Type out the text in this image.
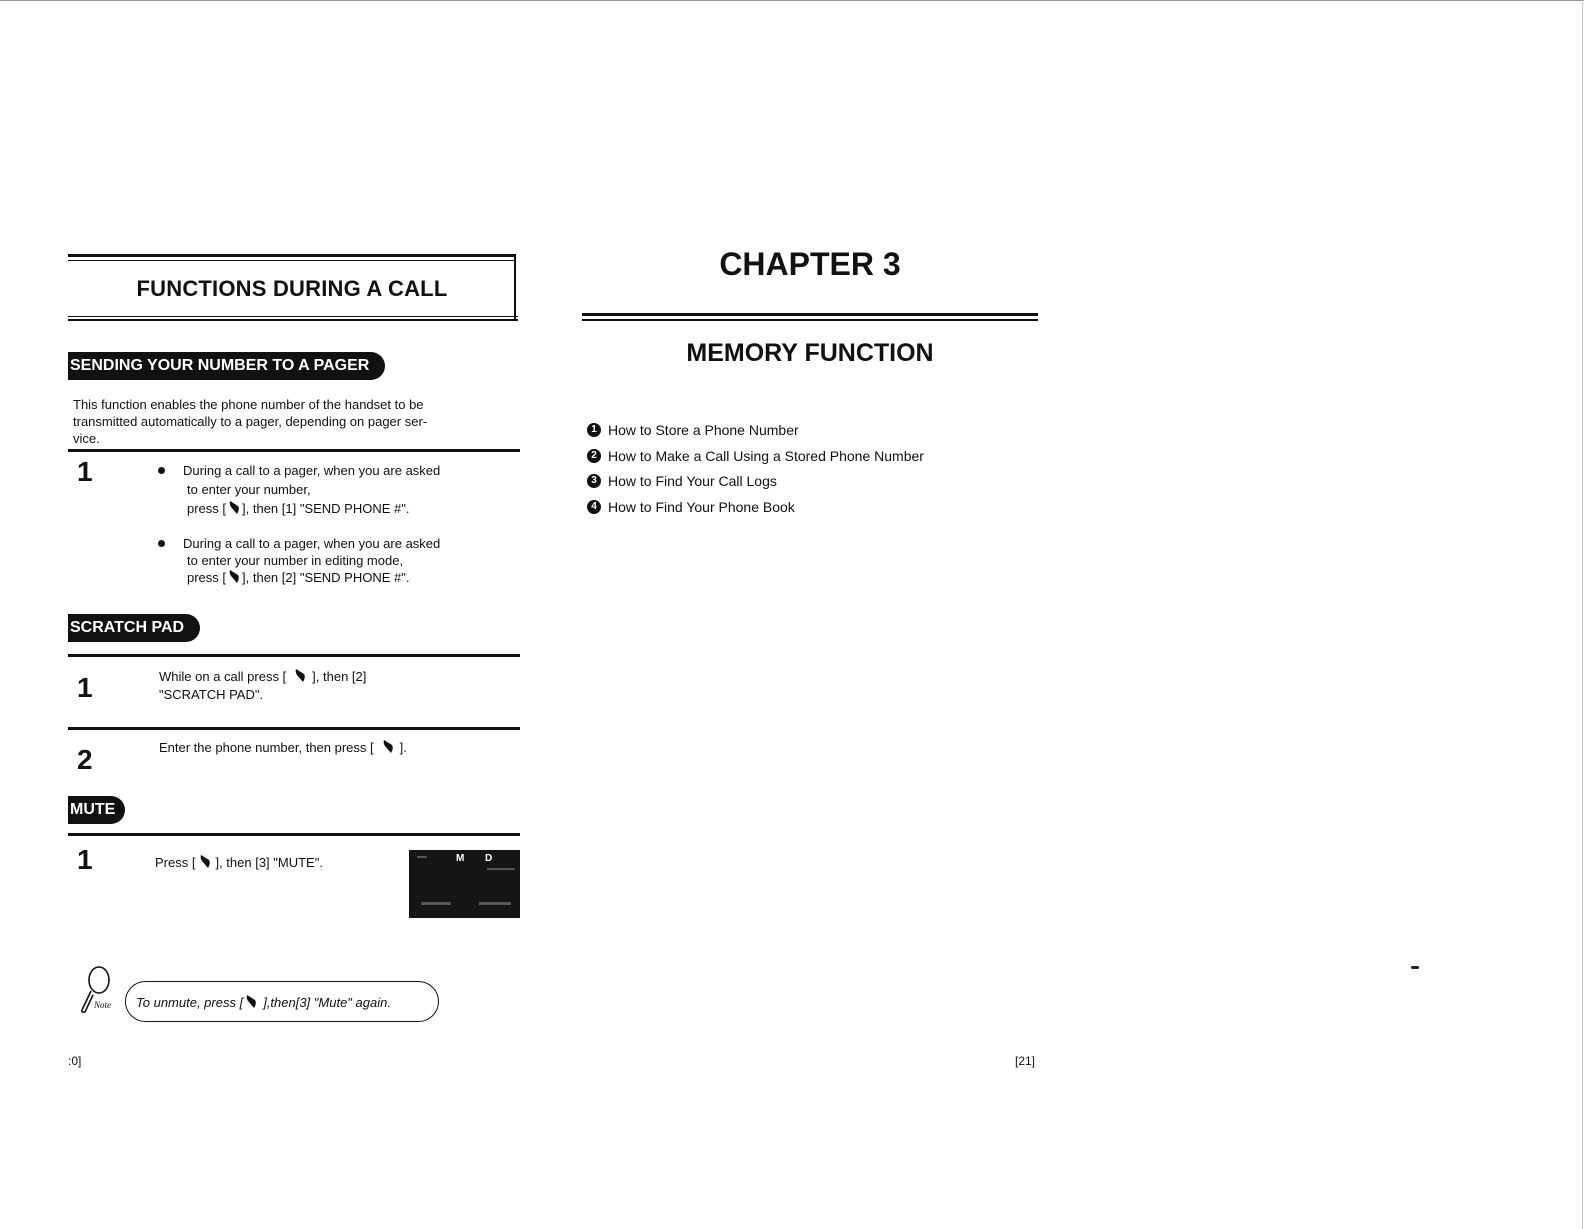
FUNCTIONS DURING A CALL
SENDING YOUR NUMBER TO A PAGER
This function enables the phone number of the handset to be
transmitted automatically to a pager, depending on pager ser-
vice.
1	During a call to a pager, when you are asked
to enter your number,
press [ ], then [1] "SEND PHONE #".
During a call to a pager, when you are asked
to enter your number in editing mode,
press [ ], then [2] "SEND PHONE #".
SCRATCH PAD
1	While on a call press [ ], then [2]
"SCRATCH PAD".
2	Enter the phone number, then press [ ].
MUTE
1	Press [ ], then [3] "MUTE".	M D
Note	To unmute, press [ ],then[3] "Mute" again.
:0]
CHAPTER 3
MEMORY FUNCTION
1 How to Store a Phone Number
2 How to Make a Call Using a Stored Phone Number
3 How to Find Your Call Logs
4 How to Find Your Phone Book
[21]
